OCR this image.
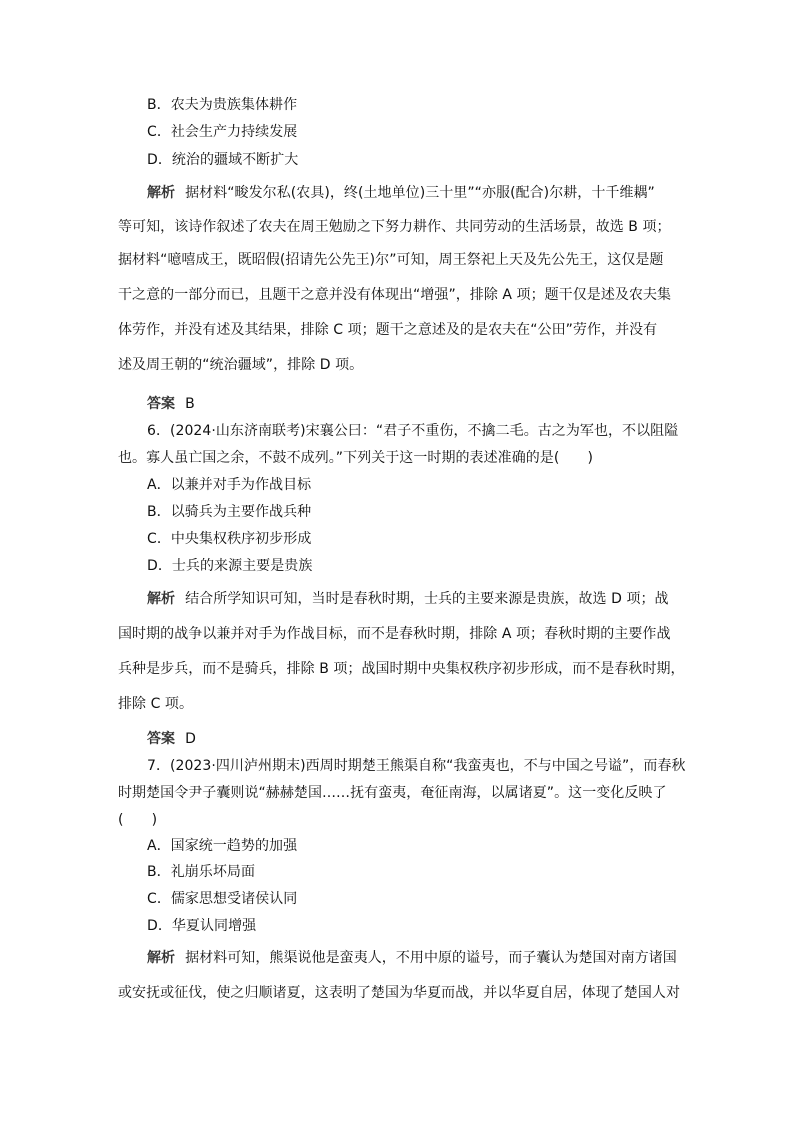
B．农夫为贵族集体耕作
C．社会生产力持续发展
D．统治的疆域不断扩大
解析 据材料“畯发尔私(农具)，终(土地单位)三十里”“亦服(配合)尔耕，十千维耦”
等可知，该诗作叙述了农夫在周王勉励之下努力耕作、共同劳动的生活场景，故选 B 项；
据材料“噫嘻成王，既昭假(招请先公先王)尔”可知，周王祭祀上天及先公先王，这仅是题
干之意的一部分而已，且题干之意并没有体现出“增强”，排除 A 项；题干仅是述及农夫集
体劳作，并没有述及其结果，排除 C 项；题干之意述及的是农夫在“公田”劳作，并没有
述及周王朝的“统治疆域”，排除 D 项。
答案 B
6．(2024·山东济南联考)宋襄公曰：“君子不重伤，不擒二毛。古之为军也，不以阻隘
也。寡人虽亡国之余，不鼓不成列。”下列关于这一时期的表述准确的是(　　)
A．以兼并对手为作战目标
B．以骑兵为主要作战兵种
C．中央集权秩序初步形成
D．士兵的来源主要是贵族
解析 结合所学知识可知，当时是春秋时期，士兵的主要来源是贵族，故选 D 项；战
国时期的战争以兼并对手为作战目标，而不是春秋时期，排除 A 项；春秋时期的主要作战
兵种是步兵，而不是骑兵，排除 B 项；战国时期中央集权秩序初步形成，而不是春秋时期，
排除 C 项。
答案 D
7．(2023·四川泸州期末)西周时期楚王熊渠自称“我蛮夷也，不与中国之号谥”，而春秋
时期楚国令尹子囊则说“赫赫楚国……抚有蛮夷，奄征南海，以属诸夏”。这一变化反映了
(　　)
A．国家统一趋势的加强
B．礼崩乐坏局面
C．儒家思想受诸侯认同
D．华夏认同增强
解析 据材料可知，熊渠说他是蛮夷人，不用中原的谥号，而子囊认为楚国对南方诸国
或安抚或征伐，使之归顺诸夏，这表明了楚国为华夏而战，并以华夏自居，体现了楚国人对
